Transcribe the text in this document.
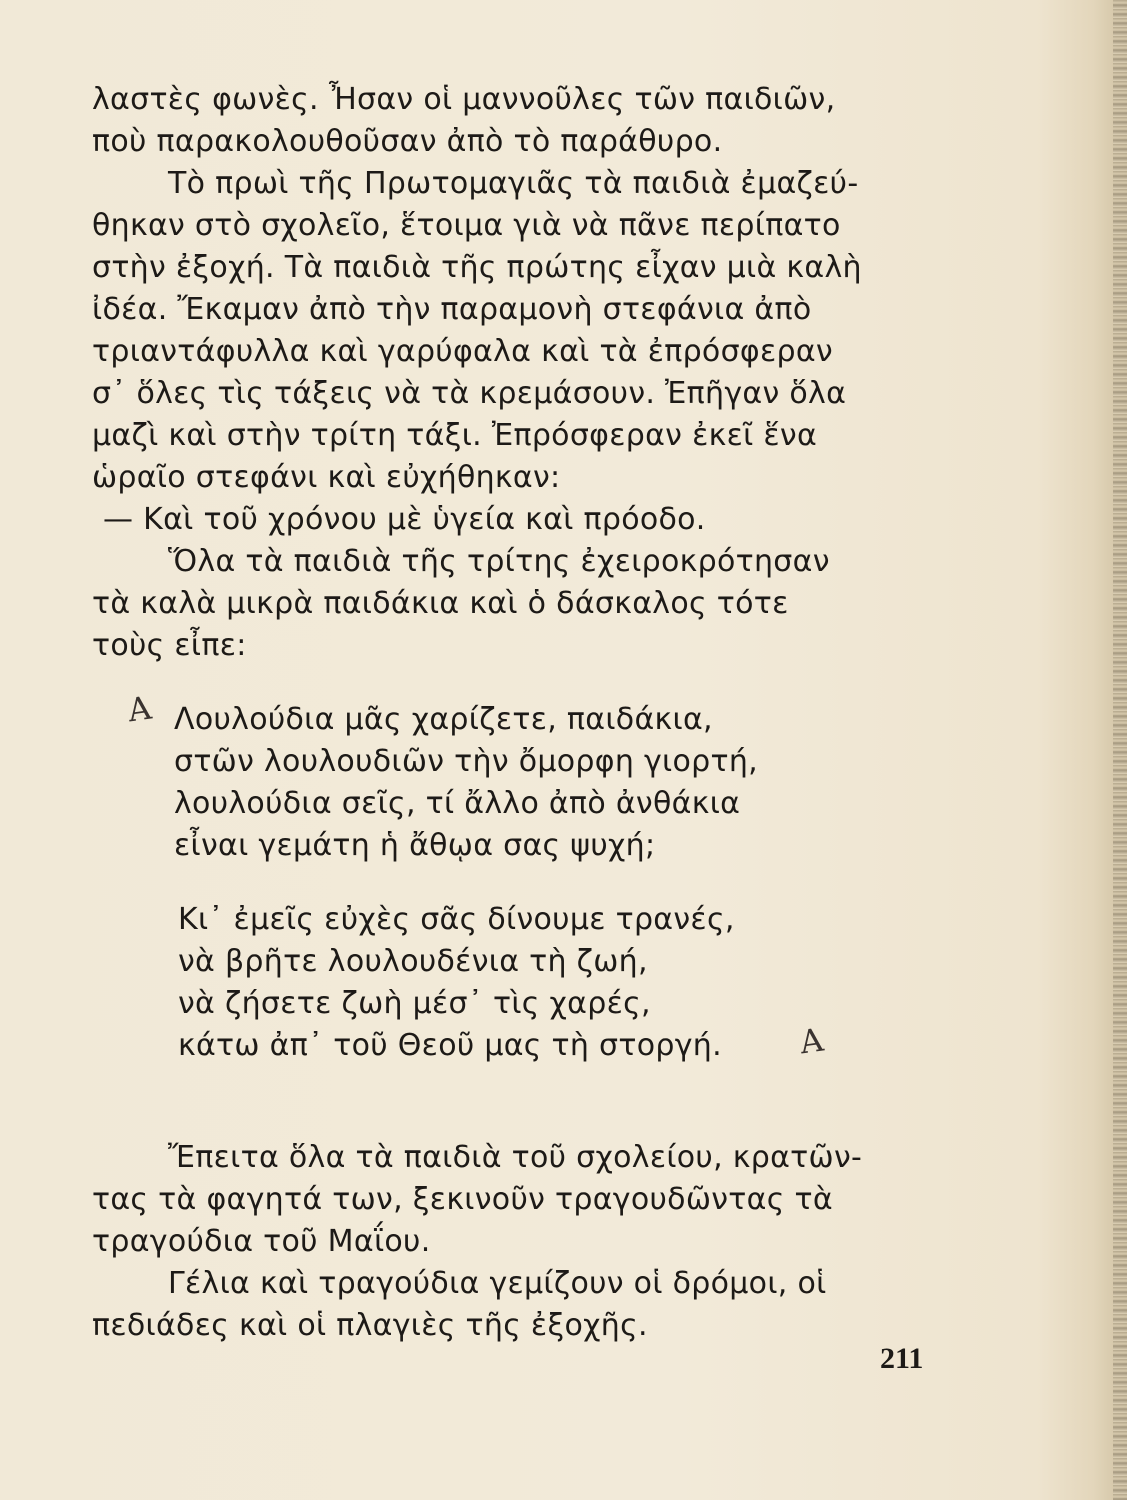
λαστὲς φωνὲς. Ἦσαν οἱ μαννοῦλες τῶν παιδιῶν,
ποὺ παρακολουθοῦσαν ἀπὸ τὸ παράθυρο.
Τὸ πρωὶ τῆς Πρωτομαγιᾶς τὰ παιδιὰ ἐμαζεύ-
θηκαν στὸ σχολεῖο, ἕτοιμα γιὰ νὰ πᾶνε περίπατο
στὴν ἐξοχή. Τὰ παιδιὰ τῆς πρώτης εἶχαν μιὰ καλὴ
ἰδέα. Ἔκαμαν ἀπὸ τὴν παραμονὴ στεφάνια ἀπὸ
τριαντάφυλλα καὶ γαρύφαλα καὶ τὰ ἐπρόσφεραν
σ᾽ ὅλες τὶς τάξεις νὰ τὰ κρεμάσουν. Ἐπῆγαν ὅλα
μαζὶ καὶ στὴν τρίτη τάξι. Ἐπρόσφεραν ἐκεῖ ἕνα
ὡραῖο στεφάνι καὶ εὐχήθηκαν:
— Καὶ τοῦ χρόνου μὲ ὑγεία καὶ πρόοδο.
Ὅλα τὰ παιδιὰ τῆς τρίτης ἐχειροκρότησαν
τὰ καλὰ μικρὰ παιδάκια καὶ ὁ δάσκαλος τότε
τοὺς εἶπε:
A Λουλούδια μᾶς χαρίζετε, παιδάκια,
στῶν λουλουδιῶν τὴν ὄμορφη γιορτή,
λουλούδια σεῖς, τί ἄλλο ἀπὸ ἀνθάκια
εἶναι γεμάτη ἡ ἄθῳα σας ψυχή;
Κι᾽ ἐμεῖς εὐχὲς σᾶς δίνουμε τρανές,
νὰ βρῆτε λουλουδένια τὴ ζωή,
νὰ ζήσετε ζωὴ μέσ᾽ τὶς χαρές,
κάτω ἀπ᾽ τοῦ Θεοῦ μας τὴ στοργή. A
Ἔπειτα ὅλα τὰ παιδιὰ τοῦ σχολείου, κρατῶν-
τας τὰ φαγητά των, ξεκινοῦν τραγουδῶντας τὰ
τραγούδια τοῦ Μαΐου.
Γέλια καὶ τραγούδια γεμίζουν οἱ δρόμοι, οἱ
πεδιάδες καὶ οἱ πλαγιὲς τῆς ἐξοχῆς.
211
